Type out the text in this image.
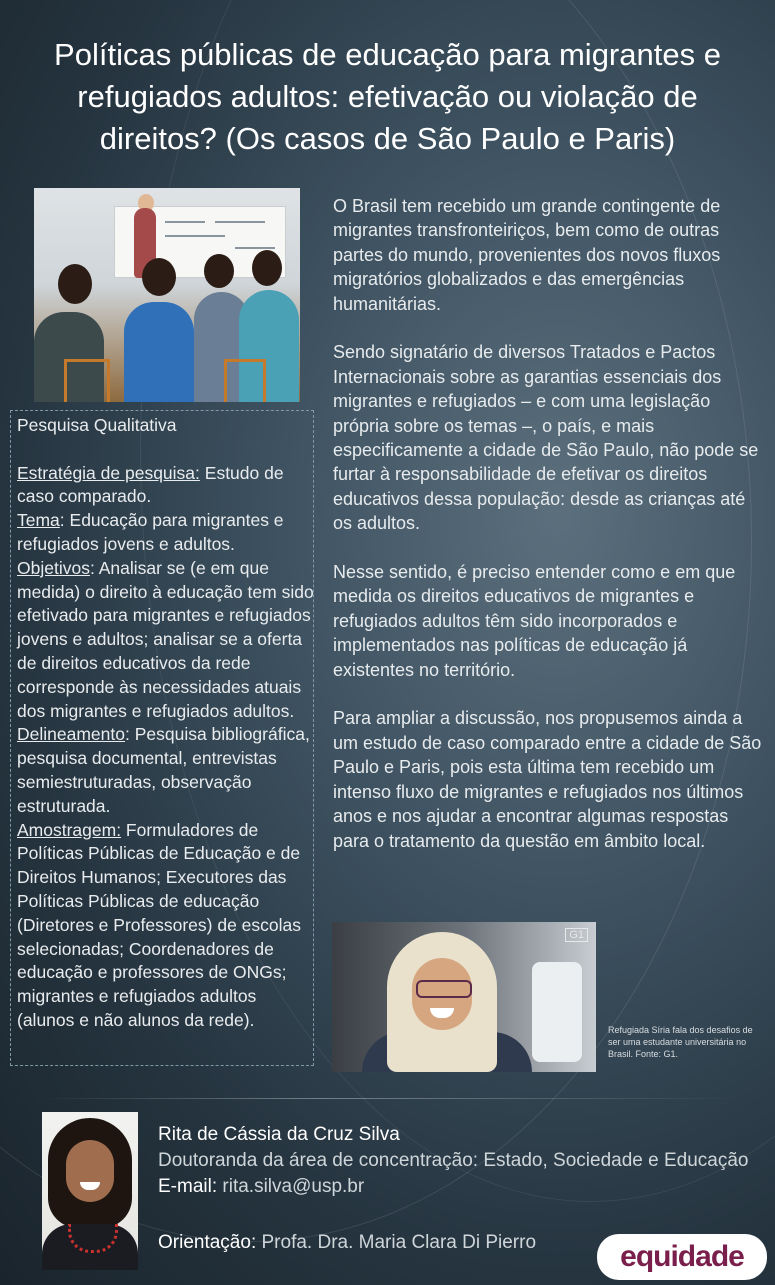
Políticas públicas de educação para migrantes e refugiados adultos: efetivação ou violação de direitos? (Os casos de São Paulo e Paris)
Pesquisa Qualitativa
Estratégia de pesquisa: Estudo de caso comparado.
Tema: Educação para migrantes e refugiados jovens e adultos.
Objetivos: Analisar se (e em que medida) o direito à educação tem sido efetivado para migrantes e refugiados jovens e adultos; analisar se a oferta de direitos educativos da rede corresponde às necessidades atuais dos migrantes e refugiados adultos.
Delineamento: Pesquisa bibliográfica, pesquisa documental, entrevistas semiestruturadas, observação estruturada.
Amostragem: Formuladores de Políticas Públicas de Educação e de Direitos Humanos; Executores das Políticas Públicas de educação (Diretores e Professores) de escolas selecionadas; Coordenadores de educação e professores de ONGs; migrantes e refugiados adultos (alunos e não alunos da rede).

O Brasil tem recebido um grande contingente de migrantes transfronteiriços, bem como de outras partes do mundo, provenientes dos novos fluxos migratórios globalizados e das emergências humanitárias.

Sendo signatário de diversos Tratados e Pactos Internacionais sobre as garantias essenciais dos migrantes e refugiados – e com uma legislação própria sobre os temas –, o país, e mais especificamente a cidade de São Paulo, não pode se furtar à responsabilidade de efetivar os direitos educativos dessa população: desde as crianças até os adultos.

Nesse sentido, é preciso entender como e em que medida os direitos educativos de migrantes e refugiados adultos têm sido incorporados e implementados nas políticas de educação já existentes no território.

Para ampliar a discussão, nos propusemos ainda a um estudo de caso comparado entre a cidade de São Paulo e Paris, pois esta última tem recebido um intenso fluxo de migrantes e refugiados nos últimos anos e nos ajudar a encontrar algumas respostas para o tratamento da questão em âmbito local.

G1
Refugiada Síria fala dos desafios de ser uma estudante universitária no Brasil. Fonte: G1.
Rita de Cássia da Cruz Silva
Doutoranda da área de concentração: Estado, Sociedade e Educação
E-mail: rita.silva@usp.br
Orientação: Profa. Dra. Maria Clara Di Pierro	equidade
